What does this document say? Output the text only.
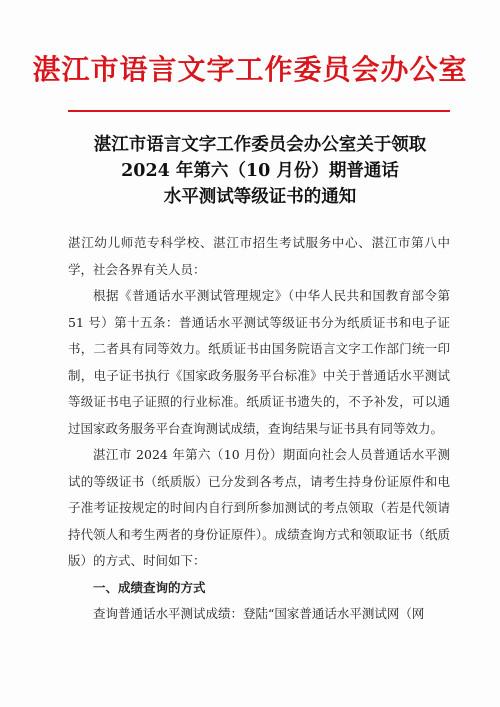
湛江市语言文字工作委员会办公室
湛江市语言文字工作委员会办公室关于领取
2024 年第六（10 月份）期普通话
水平测试等级证书的通知

湛江幼儿师范专科学校、湛江市招生考试服务中心、湛江市第八中学，社会各界有关人员：

根据《普通话水平测试管理规定》（中华人民共和国教育部令第 51 号）第十五条：普通话水平测试等级证书分为纸质证书和电子证书，二者具有同等效力。纸质证书由国务院语言文字工作部门统一印制，电子证书执行《国家政务服务平台标准》中关于普通话水平测试等级证书电子证照的行业标准。纸质证书遗失的，不予补发，可以通过国家政务服务平台查询测试成绩，查询结果与证书具有同等效力。

湛江市 2024 年第六（10 月份）期面向社会人员普通话水平测试的等级证书（纸质版）已分发到各考点，请考生持身份证原件和电子准考证按规定的时间内自行到所参加测试的考点领取（若是代领请持代领人和考生两者的身份证原件）。成绩查询方式和领取证书（纸质版）的方式、时间如下：

一、成绩查询的方式

查询普通话水平测试成绩：登陆“国家普通话水平测试网（网
